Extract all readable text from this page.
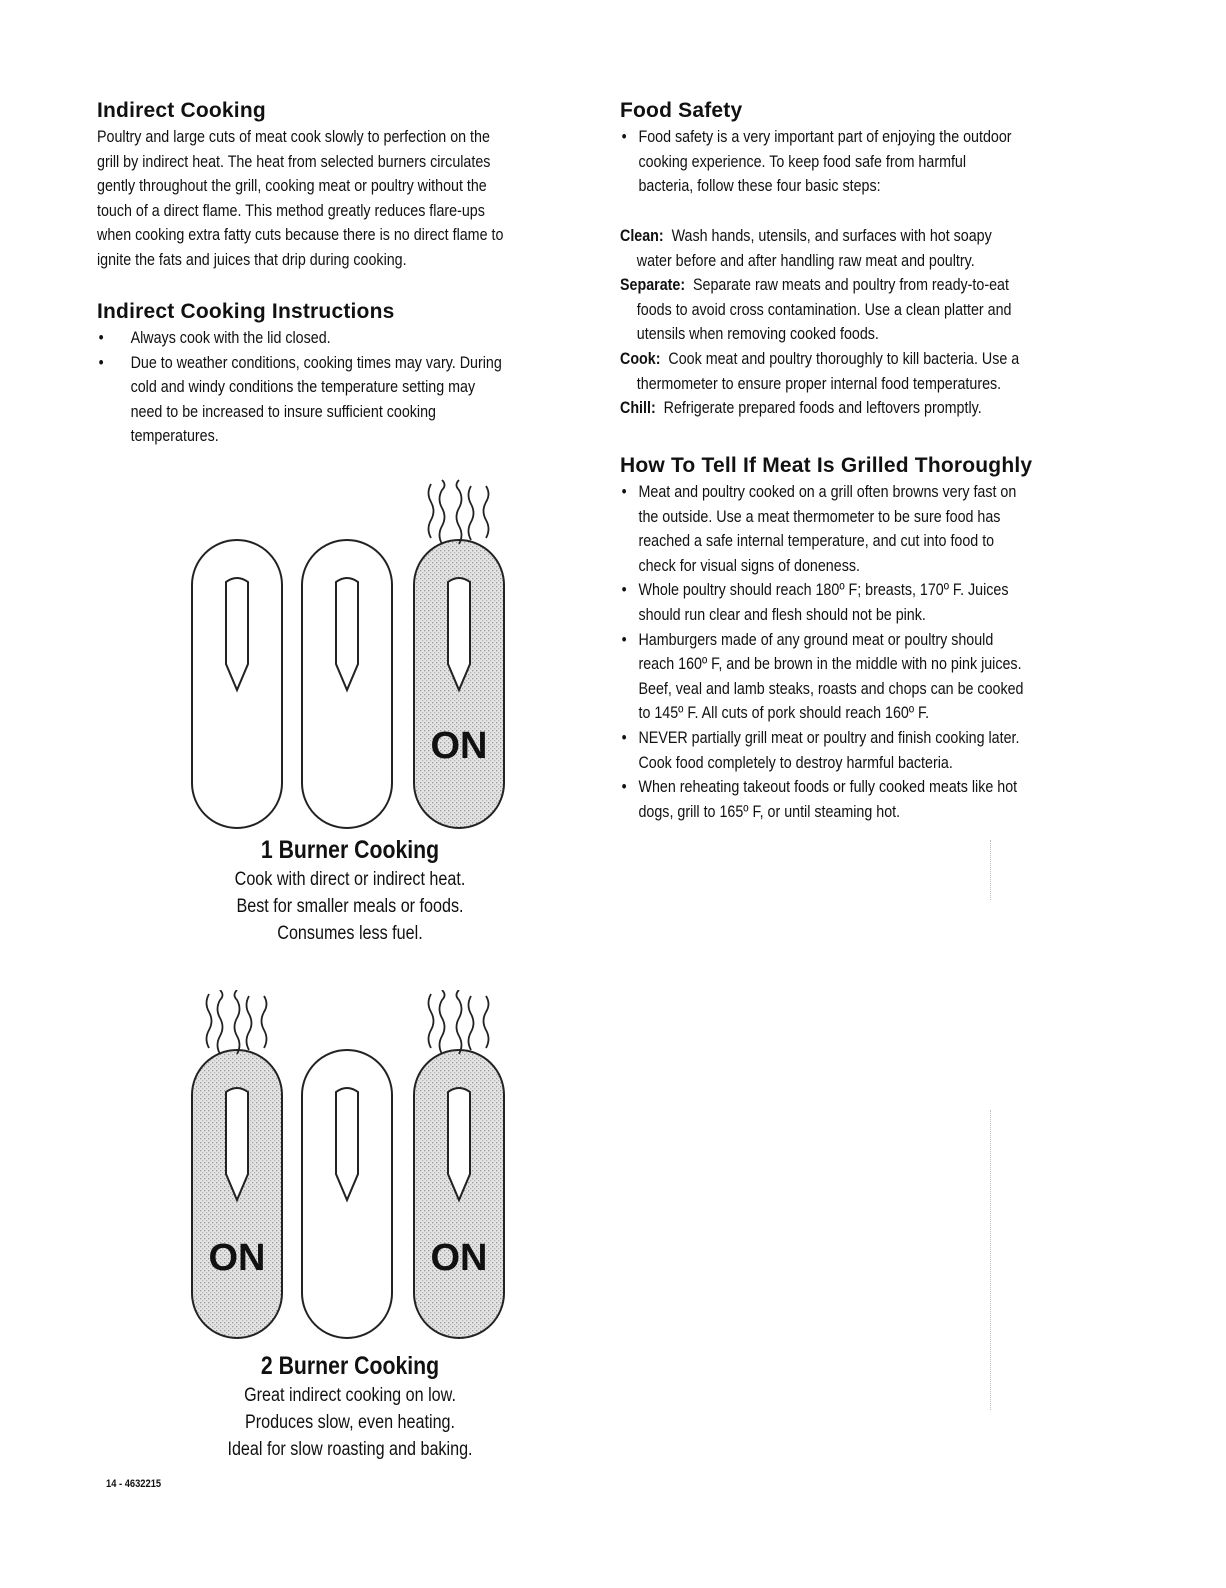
Indirect Cooking
Poultry and large cuts of meat cook slowly to perfection on the
grill by indirect heat. The heat from selected burners circulates
gently throughout the grill, cooking meat or poultry without the
touch of a direct flame. This method greatly reduces flare-ups
when cooking extra fatty cuts because there is no direct flame to
ignite the fats and juices that drip during cooking.
Indirect Cooking Instructions
• Always cook with the lid closed.
• Due to weather conditions, cooking times may vary. During
cold and windy conditions the temperature setting may
need to be increased to insure sufficient cooking
temperatures.
ON
1 Burner Cooking
Cook with direct or indirect heat.
Best for smaller meals or foods.
Consumes less fuel.
ON	ON
2 Burner Cooking
Great indirect cooking on low.
Produces slow, even heating.
Ideal for slow roasting and baking.
14 - 4632215
Food Safety
• Food safety is a very important part of enjoying the outdoor
cooking experience. To keep food safe from harmful
bacteria, follow these four basic steps:

Clean: Wash hands, utensils, and surfaces with hot soapy
water before and after handling raw meat and poultry.

Separate: Separate raw meats and poultry from ready-to-eat
foods to avoid cross contamination. Use a clean platter and
utensils when removing cooked foods.

Cook: Cook meat and poultry thoroughly to kill bacteria. Use a
thermometer to ensure proper internal food temperatures.

Chill: Refrigerate prepared foods and leftovers promptly.

How To Tell If Meat Is Grilled Thoroughly
• Meat and poultry cooked on a grill often browns very fast on
the outside. Use a meat thermometer to be sure food has
reached a safe internal temperature, and cut into food to
check for visual signs of doneness.
• Whole poultry should reach 180º F; breasts, 170º F. Juices
should run clear and flesh should not be pink.
• Hamburgers made of any ground meat or poultry should
reach 160º F, and be brown in the middle with no pink juices.
Beef, veal and lamb steaks, roasts and chops can be cooked
to 145º F. All cuts of pork should reach 160º F.
• NEVER partially grill meat or poultry and finish cooking later.
Cook food completely to destroy harmful bacteria.
• When reheating takeout foods or fully cooked meats like hot
dogs, grill to 165º F, or until steaming hot.
